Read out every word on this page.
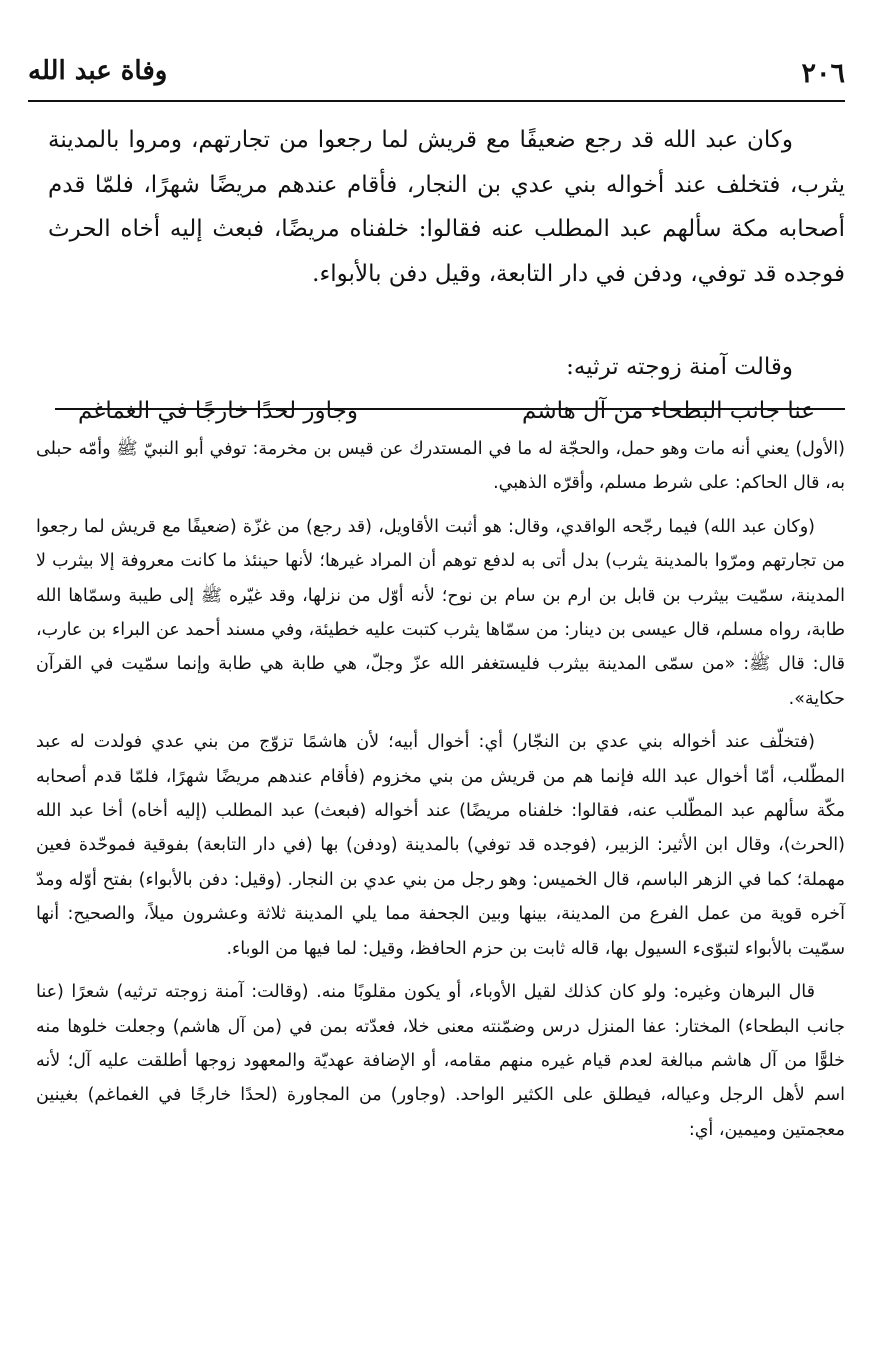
٢٠٦
وفاة عبد الله

وكان عبد الله قد رجع ضعيفًا مع قريش لما رجعوا من تجارتهم، ومروا بالمدينة يثرب، فتخلف عند أخواله بني عدي بن النجار، فأقام عندهم مريضًا شهرًا، فلمّا قدم أصحابه مكة سألهم عبد المطلب عنه فقالوا: خلفناه مريضًا، فبعث إليه أخاه الحرث فوجده قد توفي، ودفن في دار التابعة، وقيل دفن بالأبواء.

وقالت آمنة زوجته ترثيه:
عنا جانب البطحاء من آل هاشم
وجاور لحدًا خارجًا في الغماغم

(الأول) يعني أنه مات وهو حمل، والحجّة له ما في المستدرك عن قيس بن مخرمة: توفي أبو النبيّ ﷺ وأمّه حبلى به، قال الحاكم: على شرط مسلم، وأقرّه الذهبي.

(وكان عبد الله) فيما رجّحه الواقدي، وقال: هو أثبت الأقاويل، (قد رجع) من غزّة (ضعيفًا مع قريش لما رجعوا من تجارتهم ومرّوا بالمدينة يثرب) بدل أتى به لدفع توهم أن المراد غيرها؛ لأنها حينئذ ما كانت معروفة إلا بيثرب لا المدينة، سمّيت بيثرب بن قابل بن ارم بن سام بن نوح؛ لأنه أوّل من نزلها، وقد غيّره ﷺ إلى طيبة وسمّاها الله طابة، رواه مسلم، قال عيسى بن دينار: من سمّاها يثرب كتبت عليه خطيئة، وفي مسند أحمد عن البراء بن عارب، قال: قال ﷺ: «من سمّى المدينة بيثرب فليستغفر الله عزّ وجلّ، هي طابة هي طابة وإنما سمّيت في القرآن حكاية».

(فتخلّف عند أخواله بني عدي بن النجّار) أي: أخوال أبيه؛ لأن هاشمًا تزوّج من بني عدي فولدت له عبد المطّلب، أمّا أخوال عبد الله فإنما هم من قريش من بني مخزوم (فأقام عندهم مريضًا شهرًا، فلمّا قدم أصحابه مكّة سألهم عبد المطّلب عنه، فقالوا: خلفناه مريضًا) عند أخواله (فبعث) عبد المطلب (إليه أخاه) أخا عبد الله (الحرث)، وقال ابن الأثير: الزبير، (فوجده قد توفي) بالمدينة (ودفن) بها (في دار التابعة) بفوقية فموحّدة فعين مهملة؛ كما في الزهر الباسم، قال الخميس: وهو رجل من بني عدي بن النجار. (وقيل: دفن بالأبواء) بفتح أوّله ومدّ آخره قوية من عمل الفرع من المدينة، بينها وبين الجحفة مما يلي المدينة ثلاثة وعشرون ميلاً، والصحيح: أنها سمّيت بالأبواء لتبوّىء السيول بها، قاله ثابت بن حزم الحافظ، وقيل: لما فيها من الوباء.

قال البرهان وغيره: ولو كان كذلك لقيل الأوباء، أو يكون مقلوبًا منه. (وقالت: آمنة زوجته ترثيه) شعرًا (عنا جانب البطحاء) المختار: عفا المنزل درس وضمّنته معنى خلا، فعدّته بمن في (من آل هاشم) وجعلت خلوها منه خلوًّا من آل هاشم مبالغة لعدم قيام غيره منهم مقامه، أو الإضافة عهديّة والمعهود زوجها أطلقت عليه آل؛ لأنه اسم لأهل الرجل وعياله، فيطلق على الكثير الواحد. (وجاور) من المجاورة (لحدًا خارجًا في الغماغم) بغينين معجمتين وميمين، أي:
